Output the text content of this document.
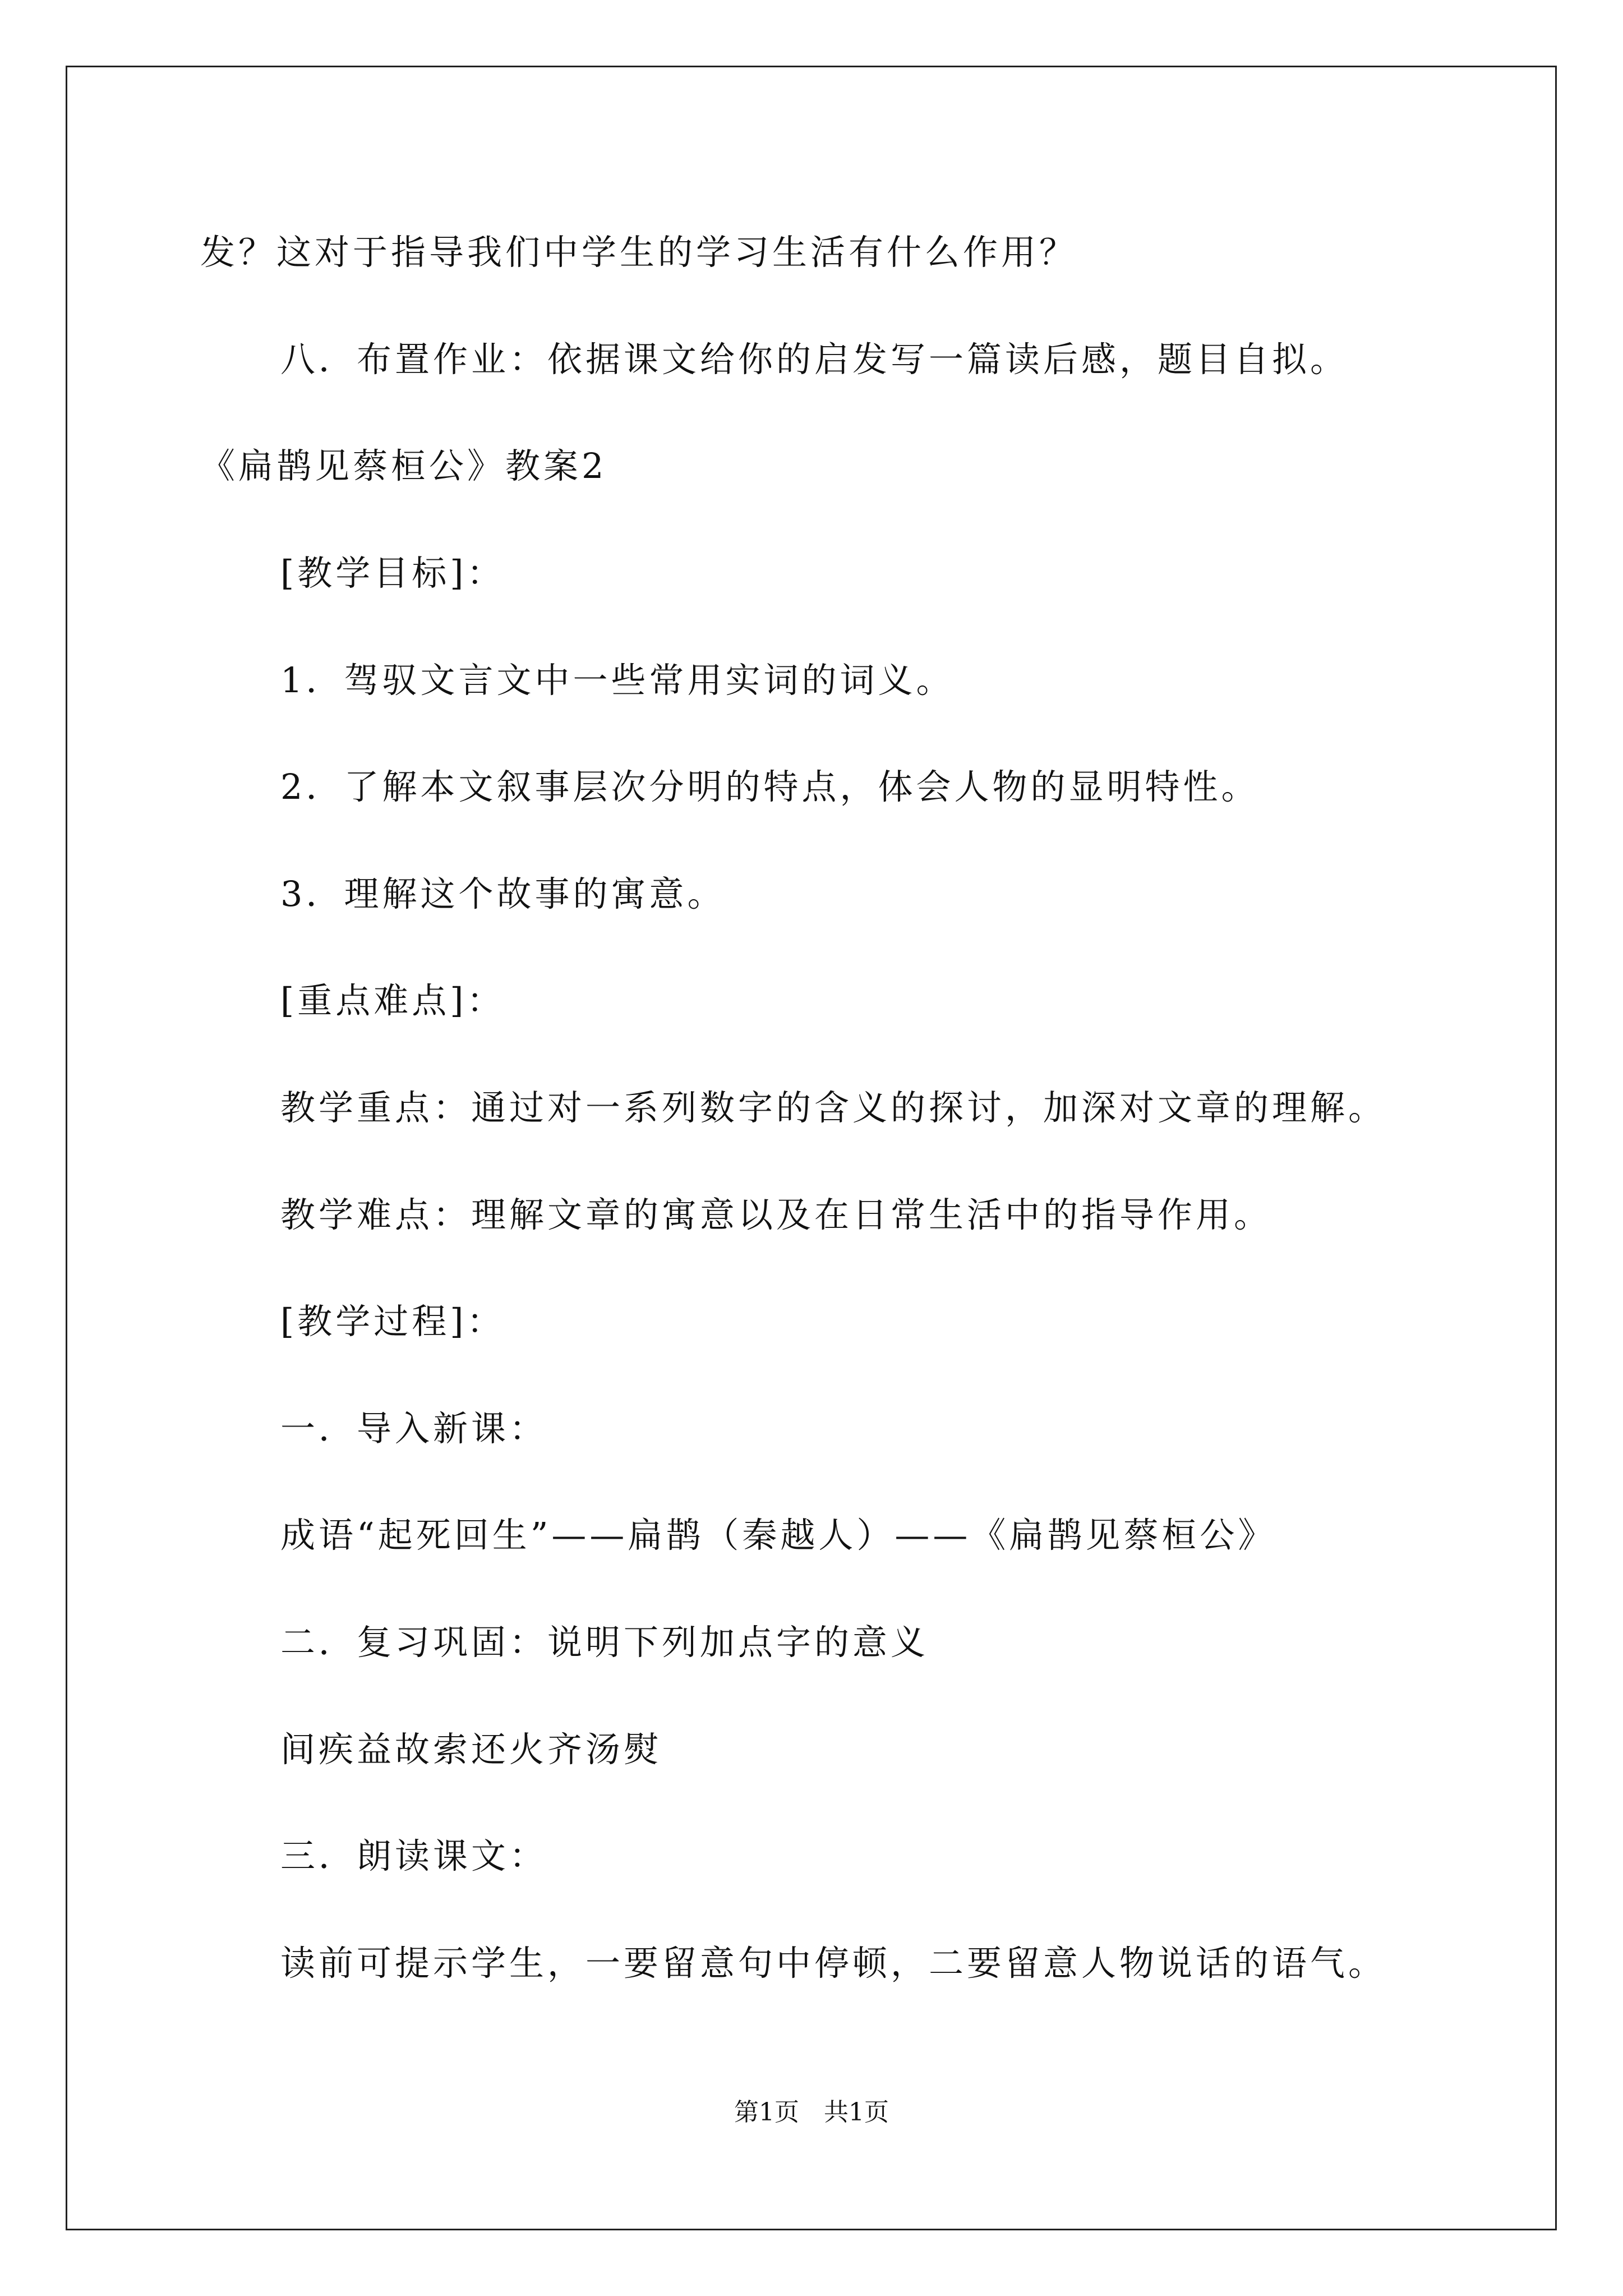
发？这对于指导我们中学生的学习生活有什么作用？
八．布置作业：依据课文给你的启发写一篇读后感，题目自拟。
《扁鹊见蔡桓公》教案2
[教学目标]：
1．驾驭文言文中一些常用实词的词义。
2．了解本文叙事层次分明的特点，体会人物的显明特性。
3．理解这个故事的寓意。
[重点难点]：
教学重点：通过对一系列数字的含义的探讨，加深对文章的理解。
教学难点：理解文章的寓意以及在日常生活中的指导作用。
[教学过程]：
一．导入新课：
成语“起死回生”——扁鹊（秦越人）——《扁鹊见蔡桓公》
二．复习巩固：说明下列加点字的意义
间疾益故索还火齐汤熨
三．朗读课文：
读前可提示学生，一要留意句中停顿，二要留意人物说话的语气。
第1页　共1页
